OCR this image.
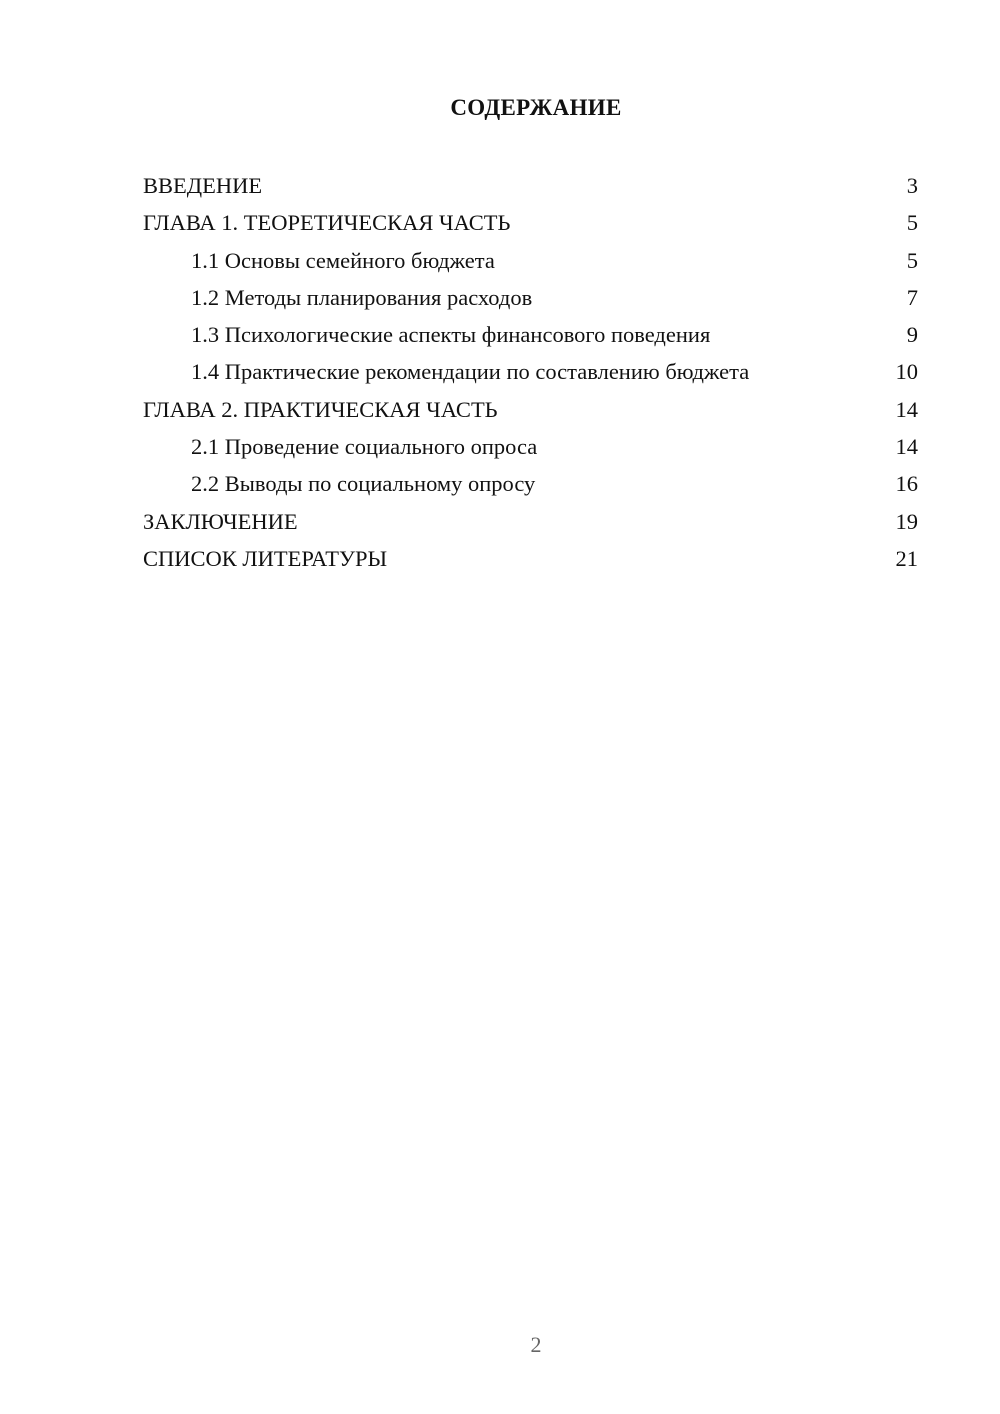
СОДЕРЖАНИЕ
ВВЕДЕНИЕ	3
ГЛАВА 1. ТЕОРЕТИЧЕСКАЯ ЧАСТЬ	5
1.1 Основы семейного бюджета	5
1.2 Методы планирования расходов	7
1.3 Психологические аспекты финансового поведения	9
1.4 Практические рекомендации по составлению бюджета	10
ГЛАВА 2. ПРАКТИЧЕСКАЯ ЧАСТЬ	14
2.1 Проведение социального опроса	14
2.2 Выводы по социальному опросу	16
ЗАКЛЮЧЕНИЕ	19
СПИСОК ЛИТЕРАТУРЫ	21
2
